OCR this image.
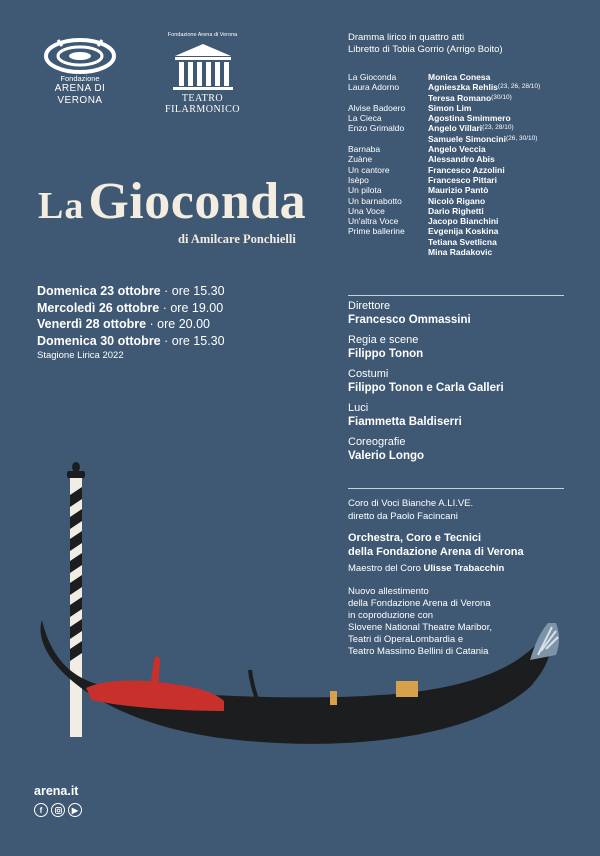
Fondazione
ARENA DI VERONA
Fondazione Arena di Verona
TEATRO FILARMONICO
La Gioconda
di Amilcare Ponchielli
Domenica 23 ottobre · ore 15.30
Mercoledì 26 ottobre · ore 19.00
Venerdì 28 ottobre · ore 20.00
Domenica 30 ottobre · ore 15.30
Stagione Lirica 2022
Dramma lirico in quattro atti
Libretto di Tobia Gorrio (Arrigo Boito)
La Gioconda	Monica Conesa
Laura Adorno	Agnieszka Rehlis (23, 26, 28/10)
Teresa Romano (30/10)
Alvise Badoero	Simon Lim
La Cieca	Agostina Smimmero
Enzo Grimaldo	Angelo Villari (23, 28/10)
Samuele Simoncini (26, 30/10)
Barnaba	Angelo Veccia
Zuàne	Alessandro Abis
Un cantore	Francesco Azzolini
Isèpo	Francesco Pittari
Un pilota	Maurizio Pantò
Un barnabotto	Nicolò Rigano
Una Voce	Dario Righetti
Un'altra Voce	Jacopo Bianchini
Prime ballerine	Evgenija Koskina
Tetiana Svetlicna
Mina Radakovic
Direttore
Francesco Ommassini
Regia e scene
Filippo Tonon
Costumi
Filippo Tonon e Carla Galleri
Luci
Fiammetta Baldiserri
Coreografie
Valerio Longo
Coro di Voci Bianche A.LI.VE.
diretto da Paolo Facincani
Orchestra, Coro e Tecnici
della Fondazione Arena di Verona
Maestro del Coro Ulisse Trabacchin
Nuovo allestimento
della Fondazione Arena di Verona
in coproduzione con
Slovene National Theatre Maribor,
Teatri di OperaLombardia e
Teatro Massimo Bellini di Catania
arena.it
f	▶
